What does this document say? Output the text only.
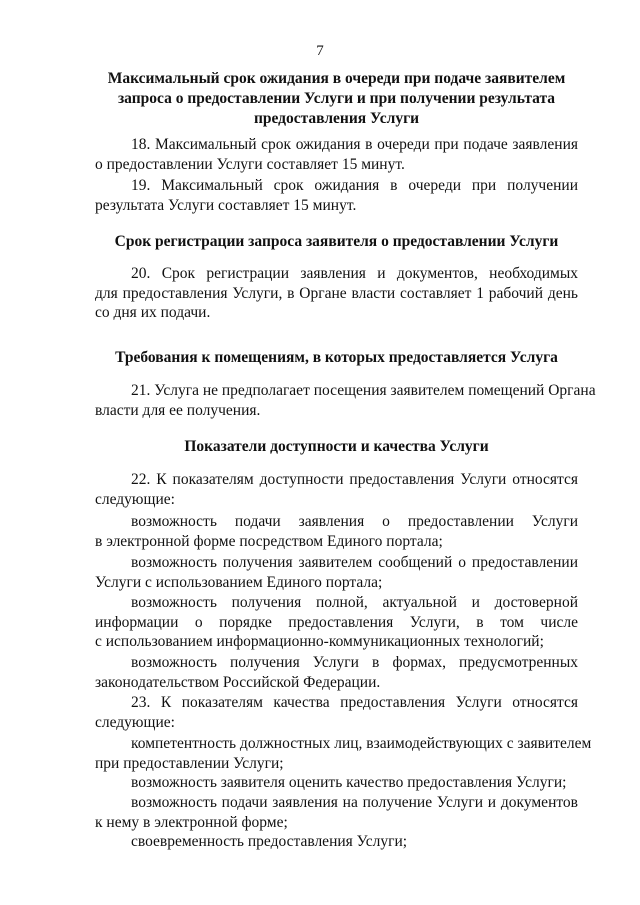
7
Максимальный срок ожидания в очереди при подаче заявителем
запроса о предоставлении Услуги и при получении результата
предоставления Услуги
18. Максимальный срок ожидания в очереди при подаче заявления
о предоставлении Услуги составляет 15 минут.
19. Максимальный срок ожидания в очереди при получении
результата Услуги составляет 15 минут.
Срок регистрации запроса заявителя о предоставлении Услуги
20. Срок регистрации заявления и документов, необходимых
для предоставления Услуги, в Органе власти составляет 1 рабочий день
со дня их подачи.
Требования к помещениям, в которых предоставляется Услуга
21. Услуга не предполагает посещения заявителем помещений Органа
власти для ее получения.
Показатели доступности и качества Услуги
22. К показателям доступности предоставления Услуги относятся
следующие:
возможность подачи заявления о предоставлении Услуги
в электронной форме посредством Единого портала;
возможность получения заявителем сообщений о предоставлении
Услуги с использованием Единого портала;
возможность получения полной, актуальной и достоверной
информации о порядке предоставления Услуги, в том числе
с использованием информационно-коммуникационных технологий;
возможность получения Услуги в формах, предусмотренных
законодательством Российской Федерации.
23. К показателям качества предоставления Услуги относятся
следующие:
компетентность должностных лиц, взаимодействующих с заявителем
при предоставлении Услуги;
возможность заявителя оценить качество предоставления Услуги;
возможность подачи заявления на получение Услуги и документов
к нему в электронной форме;
своевременность предоставления Услуги;
